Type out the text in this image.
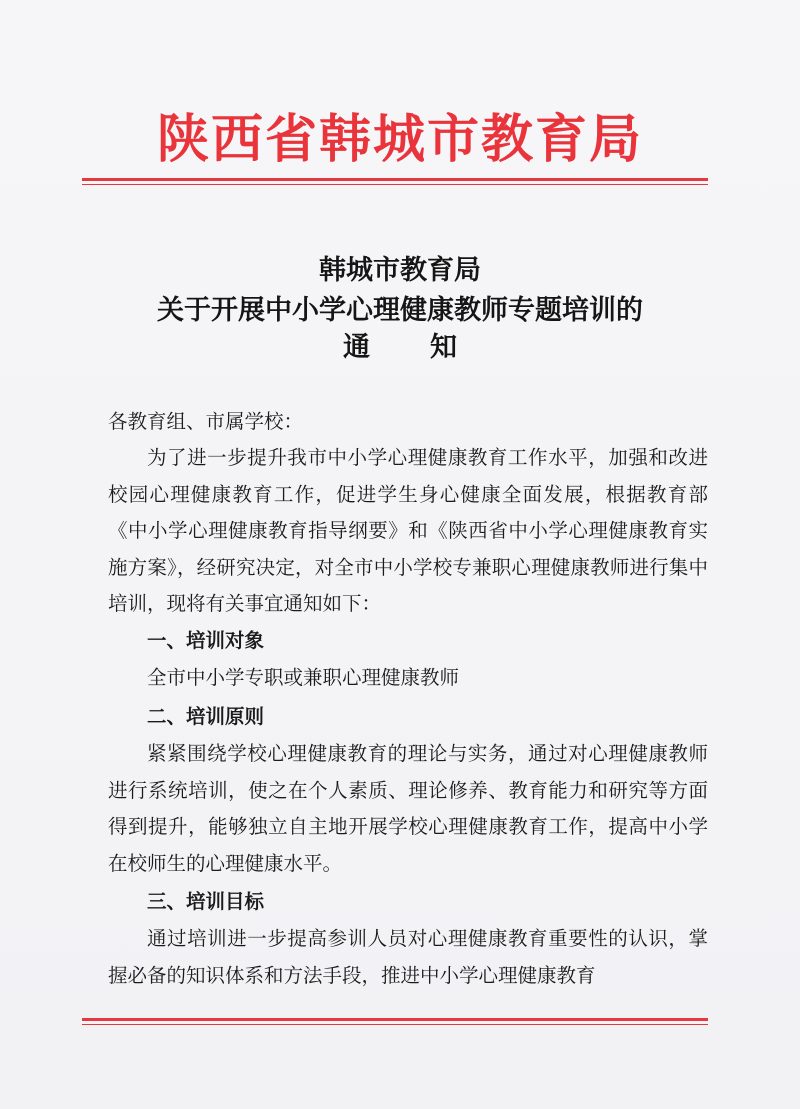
陕西省韩城市教育局
韩城市教育局
关于开展中小学心理健康教师专题培训的
通知
各教育组、市属学校：

为了进一步提升我市中小学心理健康教育工作水平，加强和改进校园心理健康教育工作，促进学生身心健康全面发展，根据教育部《中小学心理健康教育指导纲要》和《陕西省中小学心理健康教育实施方案》，经研究决定，对全市中小学校专兼职心理健康教师进行集中培训，现将有关事宜通知如下：

一、培训对象

全市中小学专职或兼职心理健康教师

二、培训原则

紧紧围绕学校心理健康教育的理论与实务，通过对心理健康教师进行系统培训，使之在个人素质、理论修养、教育能力和研究等方面得到提升，能够独立自主地开展学校心理健康教育工作，提高中小学在校师生的心理健康水平。

三、培训目标

通过培训进一步提高参训人员对心理健康教育重要性的认识，掌握必备的知识体系和方法手段，推进中小学心理健康教育
